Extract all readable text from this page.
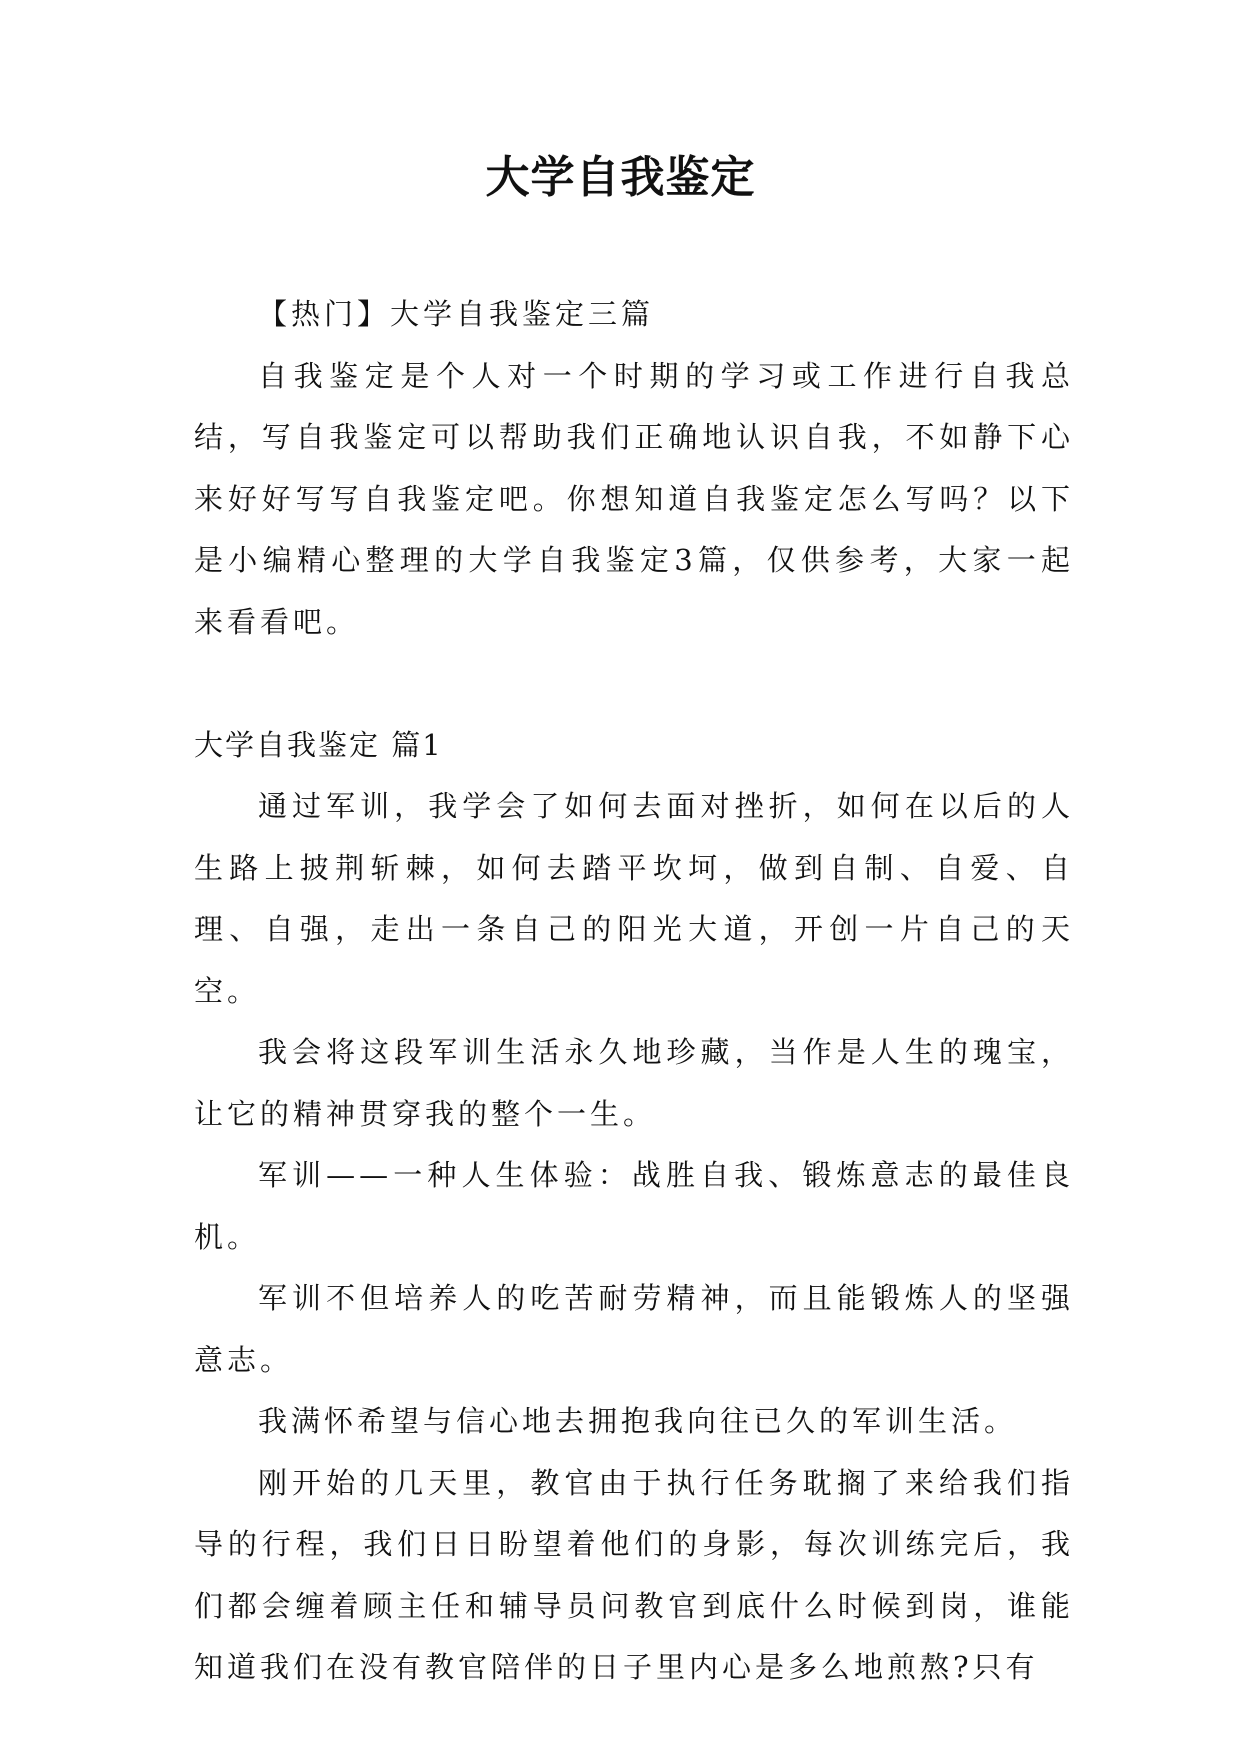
大学自我鉴定

【热门】大学自我鉴定三篇

自我鉴定是个人对一个时期的学习或工作进行自我总结，写自我鉴定可以帮助我们正确地认识自我，不如静下心来好好写写自我鉴定吧。你想知道自我鉴定怎么写吗？以下是小编精心整理的大学自我鉴定3篇，仅供参考，大家一起来看看吧。

大学自我鉴定 篇1

通过军训，我学会了如何去面对挫折，如何在以后的人生路上披荆斩棘，如何去踏平坎坷，做到自制、自爱、自理、自强，走出一条自己的阳光大道，开创一片自己的天空。

我会将这段军训生活永久地珍藏，当作是人生的瑰宝，让它的精神贯穿我的整个一生。

军训——一种人生体验：战胜自我、锻炼意志的最佳良机。

军训不但培养人的吃苦耐劳精神，而且能锻炼人的坚强意志。

我满怀希望与信心地去拥抱我向往已久的军训生活。

刚开始的几天里，教官由于执行任务耽搁了来给我们指导的行程，我们日日盼望着他们的身影，每次训练完后，我们都会缠着顾主任和辅导员问教官到底什么时候到岗，谁能知道我们在没有教官陪伴的日子里内心是多么地煎熬?只有
